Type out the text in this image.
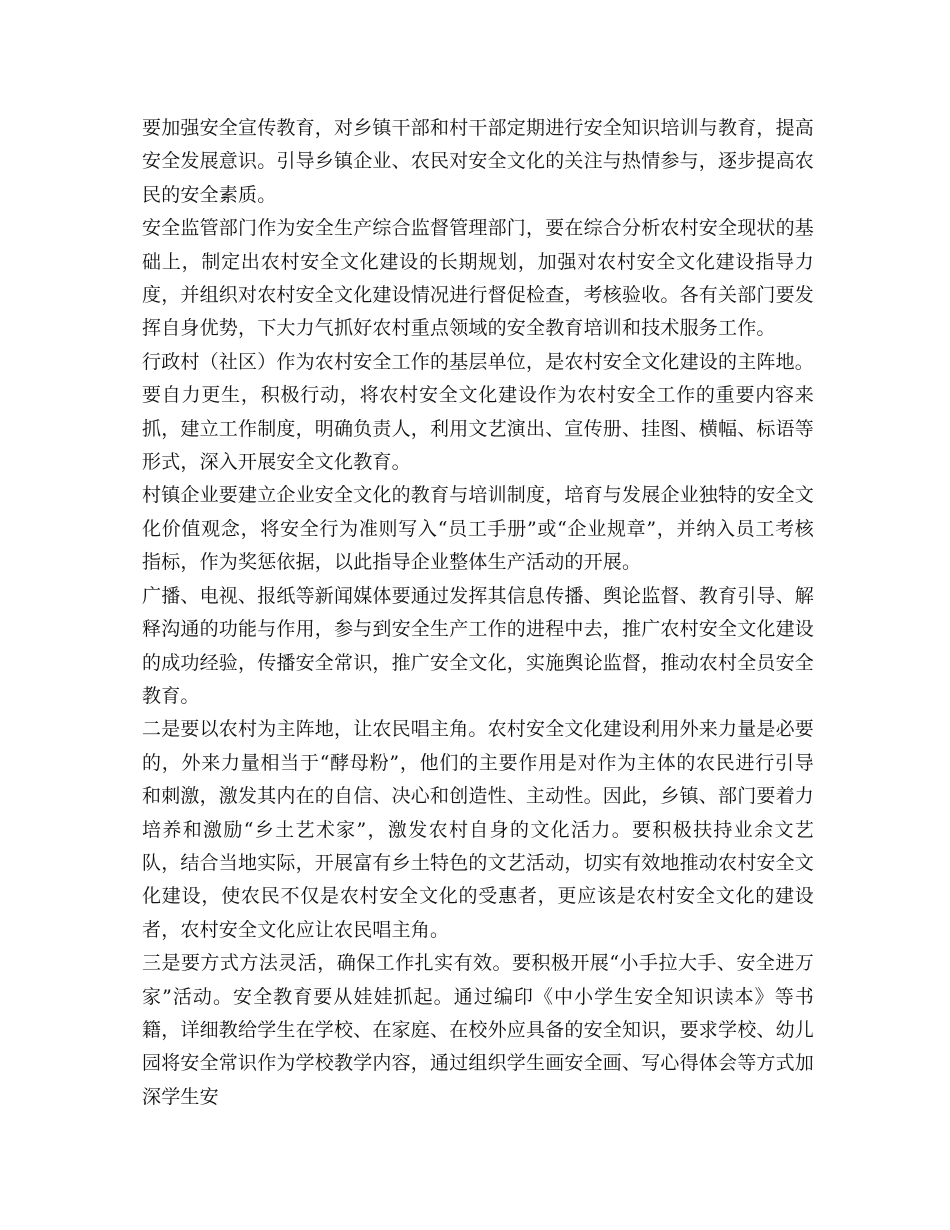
要加强安全宣传教育，对乡镇干部和村干部定期进行安全知识培训与教育，提高安全发展意识。引导乡镇企业、农民对安全文化的关注与热情参与，逐步提高农民的安全素质。

安全监管部门作为安全生产综合监督管理部门，要在综合分析农村安全现状的基础上，制定出农村安全文化建设的长期规划，加强对农村安全文化建设指导力度，并组织对农村安全文化建设情况进行督促检查，考核验收。各有关部门要发挥自身优势，下大力气抓好农村重点领域的安全教育培训和技术服务工作。

行政村（社区）作为农村安全工作的基层单位，是农村安全文化建设的主阵地。要自力更生，积极行动，将农村安全文化建设作为农村安全工作的重要内容来抓，建立工作制度，明确负责人，利用文艺演出、宣传册、挂图、横幅、标语等形式，深入开展安全文化教育。

村镇企业要建立企业安全文化的教育与培训制度，培育与发展企业独特的安全文化价值观念，将安全行为准则写入“员工手册”或“企业规章”，并纳入员工考核指标，作为奖惩依据，以此指导企业整体生产活动的开展。

广播、电视、报纸等新闻媒体要通过发挥其信息传播、舆论监督、教育引导、解释沟通的功能与作用，参与到安全生产工作的进程中去，推广农村安全文化建设的成功经验，传播安全常识，推广安全文化，实施舆论监督，推动农村全员安全教育。

二是要以农村为主阵地，让农民唱主角。农村安全文化建设利用外来力量是必要的，外来力量相当于“酵母粉”，他们的主要作用是对作为主体的农民进行引导和刺激，激发其内在的自信、决心和创造性、主动性。因此，乡镇、部门要着力培养和激励“乡土艺术家”，激发农村自身的文化活力。要积极扶持业余文艺队，结合当地实际，开展富有乡土特色的文艺活动，切实有效地推动农村安全文化建设，使农民不仅是农村安全文化的受惠者，更应该是农村安全文化的建设者，农村安全文化应让农民唱主角。

三是要方式方法灵活，确保工作扎实有效。要积极开展“小手拉大手、安全进万家”活动。安全教育要从娃娃抓起。通过编印《中小学生安全知识读本》等书籍，详细教给学生在学校、在家庭、在校外应具备的安全知识，要求学校、幼儿园将安全常识作为学校教学内容，通过组织学生画安全画、写心得体会等方式加深学生安
